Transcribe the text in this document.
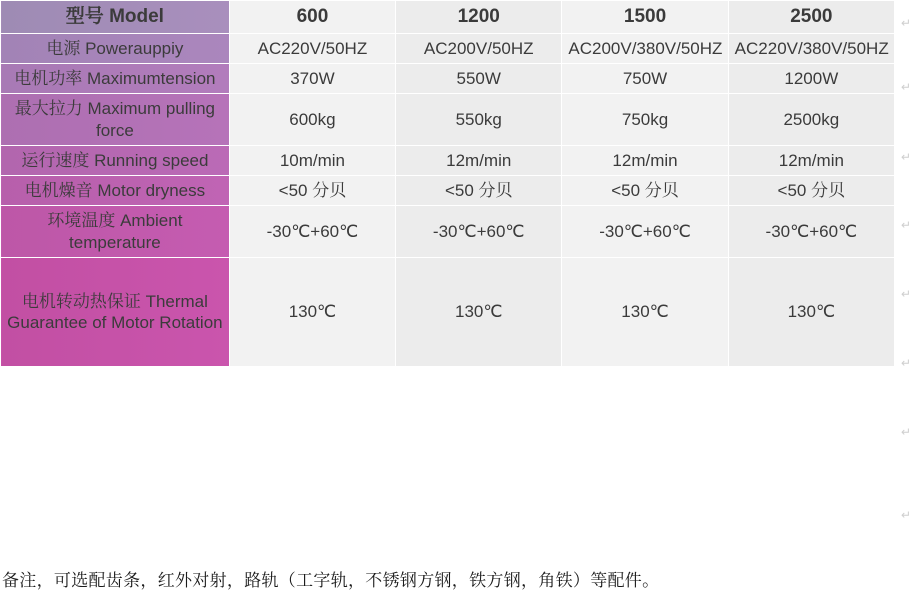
型号 Model	600	1200	1500	2500
电源 Powerauppiy	AC220V/50HZ	AC200V/50HZ	AC200V/380V/50HZ	AC220V/380V/50HZ
电机功率 Maximumtension	370W	550W	750W	1200W
最大拉力 Maximum pulling force	600kg	550kg	750kg	2500kg
运行速度 Running speed	10m/min	12m/min	12m/min	12m/min
电机燥音 Motor dryness	<50 分贝	<50 分贝	<50 分贝	<50 分贝
环境温度 Ambient temperature	-30℃+60℃	-30℃+60℃	-30℃+60℃	-30℃+60℃
电机转动热保证 Thermal Guarantee of Motor Rotation	130℃	130℃	130℃	130℃
↵
↵
↵
↵
↵
↵
↵
↵
备注，可选配齿条，红外对射，路轨（工字轨，不锈钢方钢，铁方钢，角铁）等配件。
